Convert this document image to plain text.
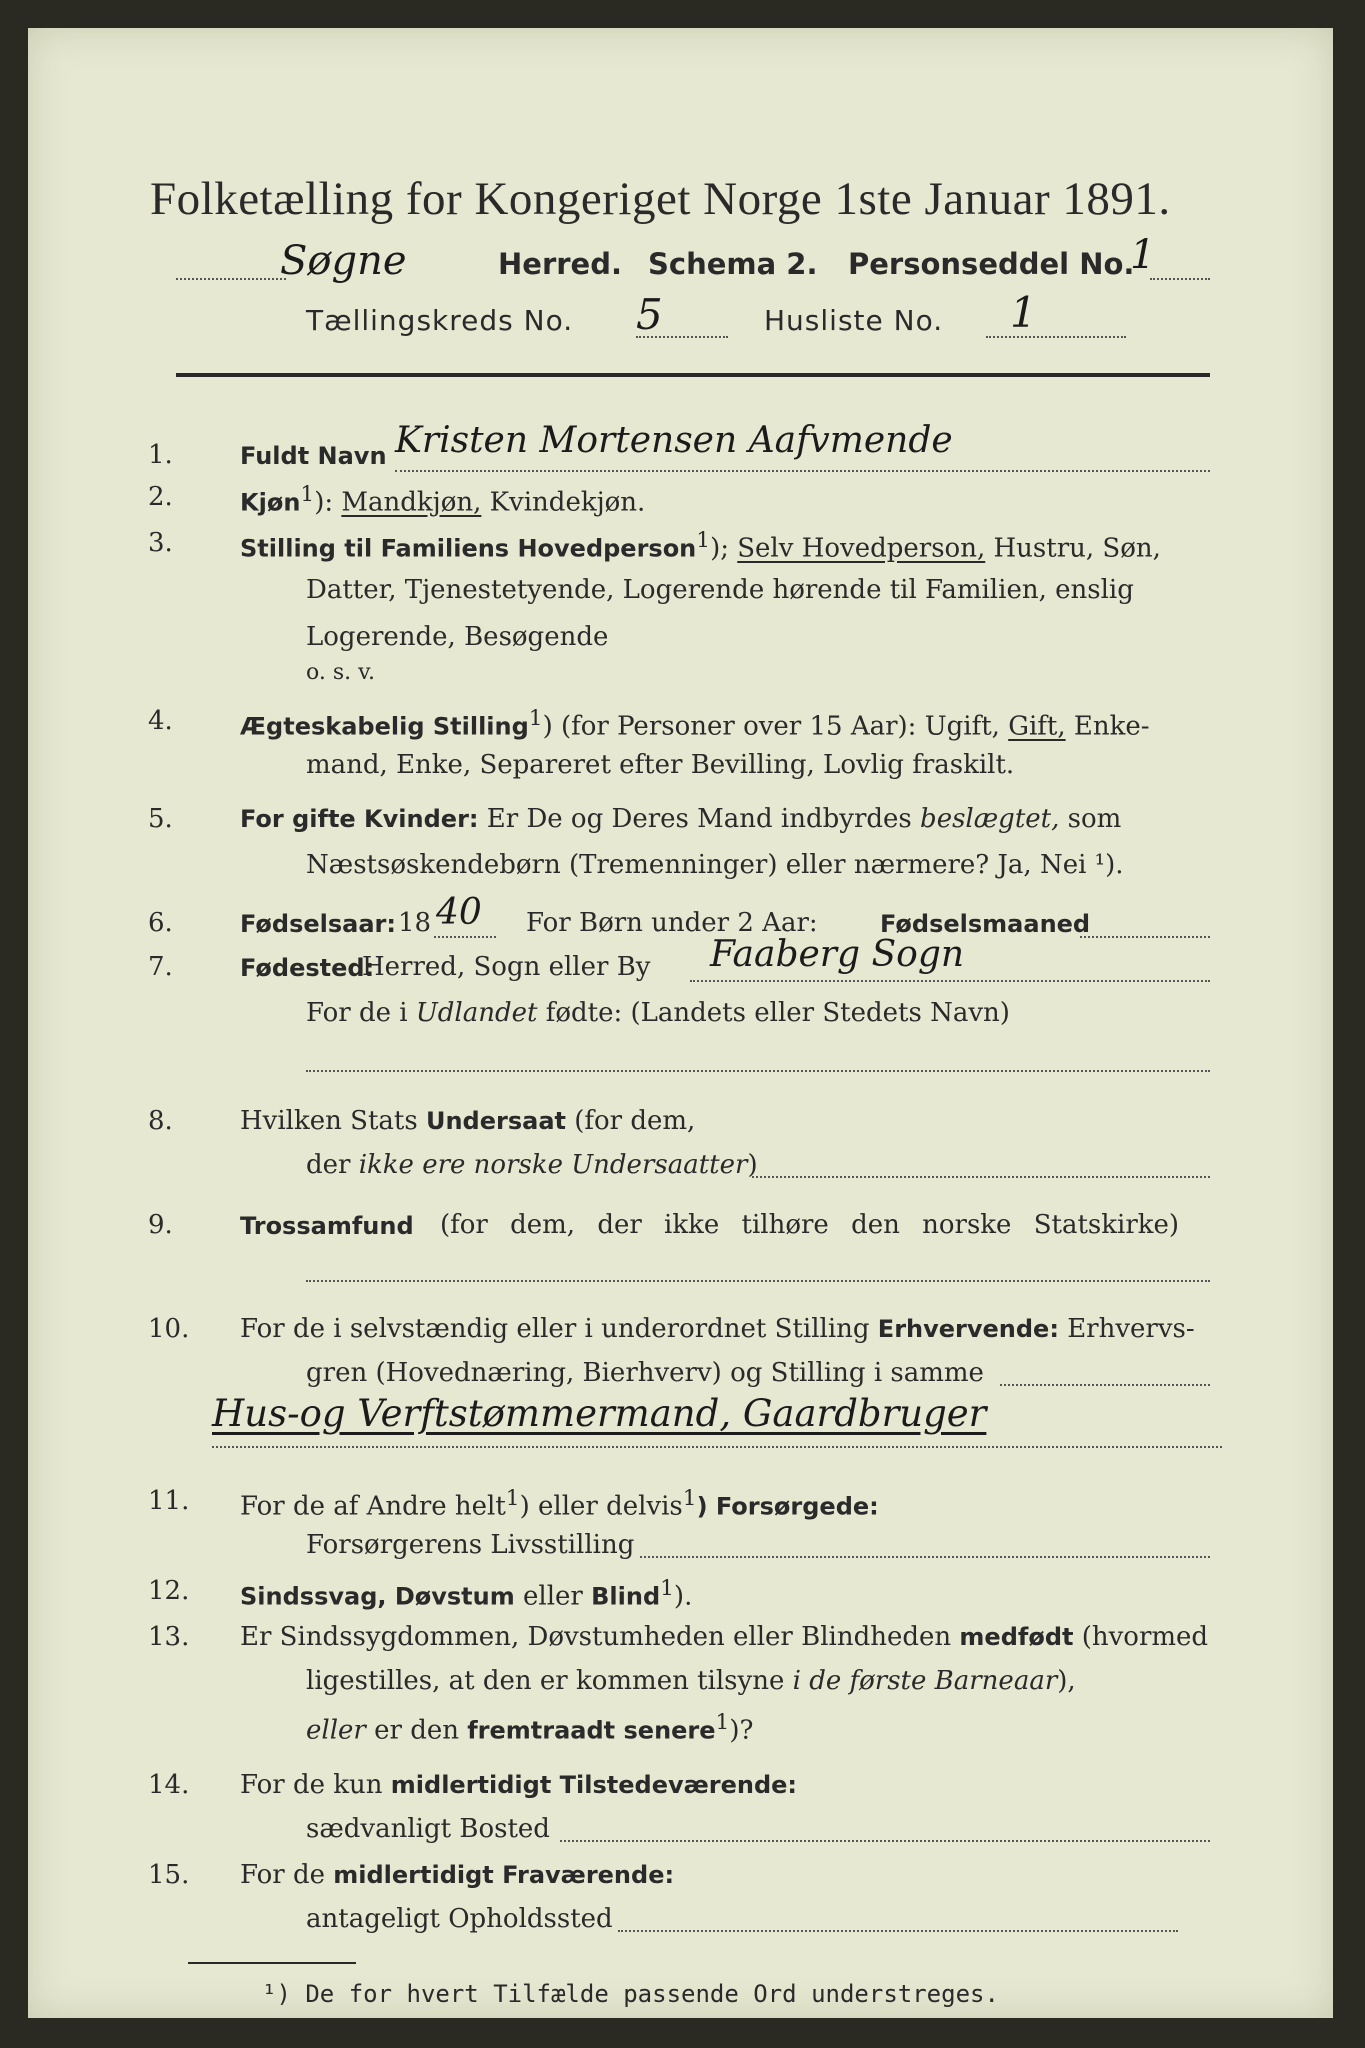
Folketælling for Kongeriget Norge 1ste Januar 1891.
Søgne	Herred. Schema 2. Personseddel No.
1
Tællingskreds No. 5	Husliste No. 1
1.	Fuldt Navn Kristen Mortensen Aafvmende
2.	Kjøn$^1$): Mandkjøn, Kvindekjøn.
3.	Stilling til Familiens Hovedperson$^1$); Selv Hovedperson, Hustru, Søn,
Datter, Tjenestetyende, Logerende hørende til Familien, enslig
Logerende, Besøgende
o. s. v.
4.	Ægteskabelig Stilling$^1$) (for Personer over 15 Aar): Ugift, Gift, Enke-
mand, Enke, Separeret efter Bevilling, Lovlig fraskilt.
5.	For gifte Kvinder: Er De og Deres Mand indbyrdes beslægtet, som
Næstsøskendebørn (Tremenninger) eller nærmere? Ja, Nei ¹).
6.	Fødselsaar: 18 40 For Børn under 2 Aar:	Fødselsmaaned
7.	Fødested:
Herred, Sogn eller By Faaberg Sogn
For de i Udlandet fødte: (Landets eller Stedets Navn)
8.	Hvilken Stats Undersaat (for dem,
der ikke ere norske Undersaatter)
9.	Trossamfund (for dem, der ikke tilhøre den norske Statskirke)
10. For de i selvstændig eller i underordnet Stilling Erhvervende: Erhvervs-
gren (Hovednæring, Bierhverv) og Stilling i samme
Hus-og Verftstømmermand, Gaardbruger
11. For de af Andre helt$^1$) eller delvis$^1$) Forsørgede:
Forsørgerens Livsstilling
12. Sindssvag, Døvstum eller Blind$^1$).
13. Er Sindssygdommen, Døvstumheden eller Blindheden medfødt (hvormed
ligestilles, at den er kommen tilsyne i de første Barneaar),
eller er den fremtraadt senere$^1$)?
14. For de kun midlertidigt Tilstedeværende:
sædvanligt Bosted
15. For de midlertidigt Fraværende:
antageligt Opholdssted
¹) De for hvert Tilfælde passende Ord understreges.
